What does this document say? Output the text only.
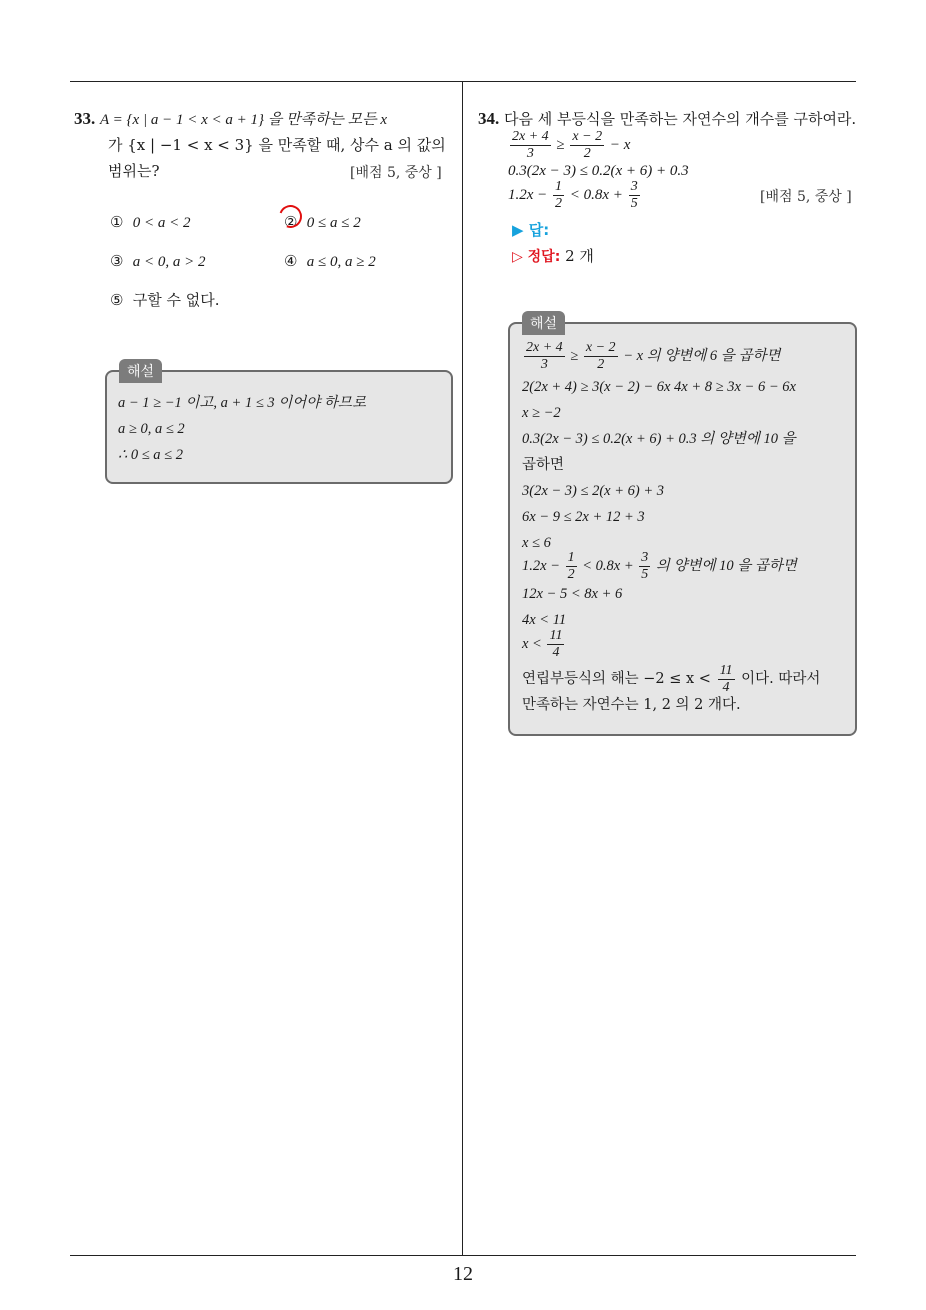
33. A = {x | a − 1 < x < a + 1} 을 만족하는 모든 x
가 {x | −1 < x < 3} 을 만족할 때, 상수 a 의 값의
범위는?	[배점 5, 중상 ]
① 0 < a < 2	② 0 ≤ a ≤ 2
③ a < 0, a > 2	④ a ≤ 0, a ≥ 2
⑤ 구할 수 없다.
해설
a − 1 ≥ −1 이고, a + 1 ≤ 3 이어야 하므로
a ≥ 0, a ≤ 2
∴ 0 ≤ a ≤ 2
34. 다음 세 부등식을 만족하는 자연수의 개수를 구하여라.
$\frac{2x + 4}{3} \ge \frac{x - 2}{2} - x$
0.3(2x − 3) ≤ 0.2(x + 6) + 0.3
$1.2x - \frac{1}{2} < 0.8x + \frac{3}{5}$	[배점 5, 중상 ]
▶ 답:
▷ 정답: 2 개
해설
$\frac{2x + 4}{3} \ge \frac{x - 2}{2} - x$ 의 양변에 6 을 곱하면
2(2x + 4) ≥ 3(x − 2) − 6x 4x + 8 ≥ 3x − 6 − 6x
x ≥ −2
0.3(2x − 3) ≤ 0.2(x + 6) + 0.3 의 양변에 10 을
곱하면
3(2x − 3) ≤ 2(x + 6) + 3
6x − 9 ≤ 2x + 12 + 3
x ≤ 6
$1.2x - \frac{1}{2} < 0.8x + \frac{3}{5}$ 의 양변에 10 을 곱하면
12x − 5 < 8x + 6
4x < 11
$x < \frac{11}{4}$
연립부등식의 해는 $-2 \le x < \frac{11}{4}$ 이다. 따라서
만족하는 자연수는 1, 2 의 2 개다.
12
